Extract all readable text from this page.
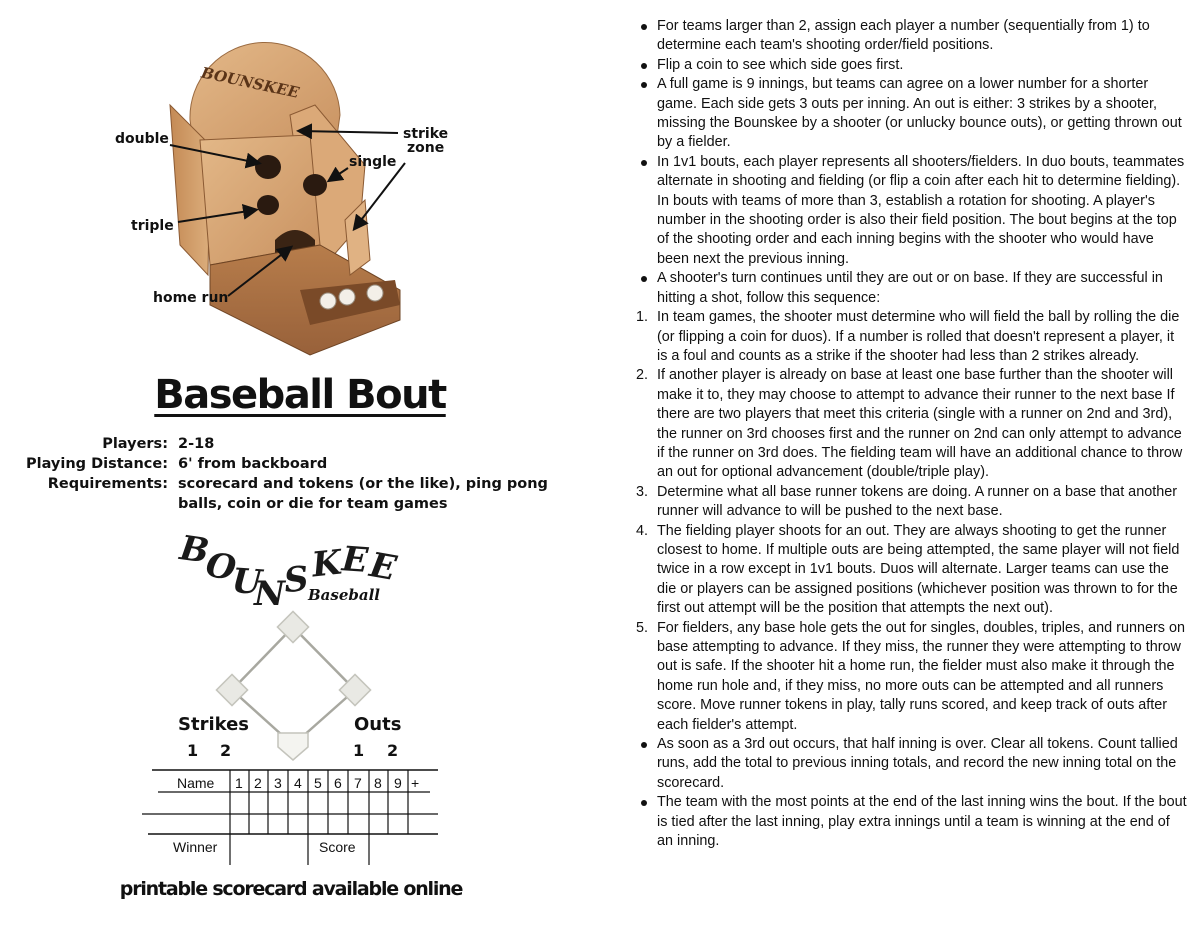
BOUNSKEE
double	strike
zone
single
triple
home run
Baseball Bout
Players: 2-18
Playing Distance: 6' from backboard
Requirements: scorecard and tokens (or the like), ping pong balls, coin or die for team games
B
O
U
N
S K
E
E
Baseball
Strikes	Outs
1 2	1 2
Name 1 2 3 4 5 6 7 8 9 +
Winner	Score
printable scorecard available online
For teams larger than 2, assign each player a number (sequentially from 1) to determine each team's shooting order/field positions.
Flip a coin to see which side goes first.
A full game is 9 innings, but teams can agree on a lower number for a shorter game. Each side gets 3 outs per inning. An out is either: 3 strikes by a shooter, missing the Bounskee by a shooter (or unlucky bounce outs), or getting thrown out by a fielder.
In 1v1 bouts, each player represents all shooters/fielders. In duo bouts, teammates alternate in shooting and fielding (or flip a coin after each hit to determine fielding). In bouts with teams of more than 3, establish a rotation for shooting. A player's number in the shooting order is also their field position. The bout begins at the top of the shooting order and each inning begins with the shooter who would have been next the previous inning.
A shooter's turn continues until they are out or on base. If they are successful in hitting a shot, follow this sequence:
1. In team games, the shooter must determine who will field the ball by rolling the die (or flipping a coin for duos). If a number is rolled that doesn't represent a player, it is a foul and counts as a strike if the shooter had less than 2 strikes already.
2. If another player is already on base at least one base further than the shooter will make it to, they may choose to attempt to advance their runner to the next base If there are two players that meet this criteria (single with a runner on 2nd and 3rd), the runner on 3rd chooses first and the runner on 2nd can only attempt to advance if the runner on 3rd does. The fielding team will have an additional chance to throw an out for optional advancement (double/triple play).
3. Determine what all base runner tokens are doing. A runner on a base that another runner will advance to will be pushed to the next base.
4. The fielding player shoots for an out. They are always shooting to get the runner closest to home. If multiple outs are being attempted, the same player will not field twice in a row except in 1v1 bouts. Duos will alternate. Larger teams can use the die or players can be assigned positions (whichever position was thrown to for the first out attempt will be the position that attempts the next out).
5. For fielders, any base hole gets the out for singles, doubles, triples, and runners on base attempting to advance. If they miss, the runner they were attempting to throw out is safe. If the shooter hit a home run, the fielder must also make it through the home run hole and, if they miss, no more outs can be attempted and all runners score. Move runner tokens in play, tally runs scored, and keep track of outs after each fielder's attempt.
As soon as a 3rd out occurs, that half inning is over. Clear all tokens. Count tallied runs, add the total to previous inning totals, and record the new inning total on the scorecard.
The team with the most points at the end of the last inning wins the bout. If the bout is tied after the last inning, play extra innings until a team is winning at the end of an inning.
